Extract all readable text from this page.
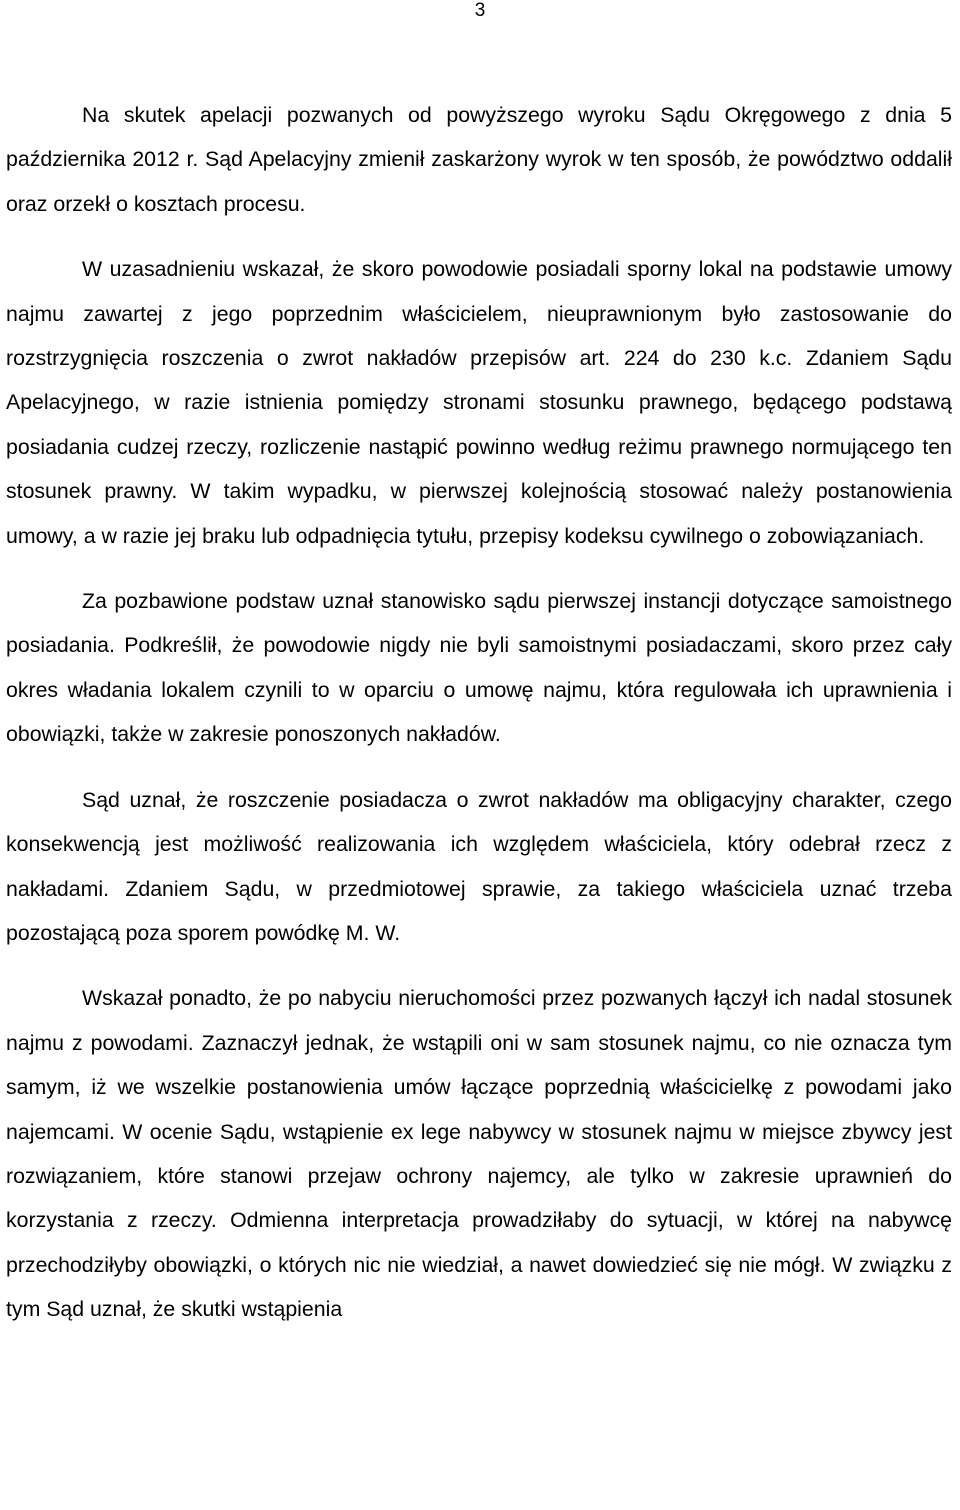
3

Na skutek apelacji pozwanych od powyższego wyroku Sądu Okręgowego z dnia 5 października 2012 r. Sąd Apelacyjny zmienił zaskarżony wyrok w ten sposób, że powództwo oddalił oraz orzekł o kosztach procesu.

W uzasadnieniu wskazał, że skoro powodowie posiadali sporny lokal na podstawie umowy najmu zawartej z jego poprzednim właścicielem, nieuprawnionym było zastosowanie do rozstrzygnięcia roszczenia o zwrot nakładów przepisów art. 224 do 230 k.c. Zdaniem Sądu Apelacyjnego, w razie istnienia pomiędzy stronami stosunku prawnego, będącego podstawą posiadania cudzej rzeczy, rozliczenie nastąpić powinno według reżimu prawnego normującego ten stosunek prawny. W takim wypadku, w pierwszej kolejnością stosować należy postanowienia umowy, a w razie jej braku lub odpadnięcia tytułu, przepisy kodeksu cywilnego o zobowiązaniach.

Za pozbawione podstaw uznał stanowisko sądu pierwszej instancji dotyczące samoistnego posiadania. Podkreślił, że powodowie nigdy nie byli samoistnymi posiadaczami, skoro przez cały okres władania lokalem czynili to w oparciu o umowę najmu, która regulowała ich uprawnienia i obowiązki, także w zakresie ponoszonych nakładów.

Sąd uznał, że roszczenie posiadacza o zwrot nakładów ma obligacyjny charakter, czego konsekwencją jest możliwość realizowania ich względem właściciela, który odebrał rzecz z nakładami. Zdaniem Sądu, w przedmiotowej sprawie, za takiego właściciela uznać trzeba pozostającą poza sporem powódkę M. W.

Wskazał ponadto, że po nabyciu nieruchomości przez pozwanych łączył ich nadal stosunek najmu z powodami. Zaznaczył jednak, że wstąpili oni w sam stosunek najmu, co nie oznacza tym samym, iż we wszelkie postanowienia umów łączące poprzednią właścicielkę z powodami jako najemcami. W ocenie Sądu, wstąpienie ex lege nabywcy w stosunek najmu w miejsce zbywcy jest rozwiązaniem, które stanowi przejaw ochrony najemcy, ale tylko w zakresie uprawnień do korzystania z rzeczy. Odmienna interpretacja prowadziłaby do sytuacji, w której na nabywcę przechodziłyby obowiązki, o których nic nie wiedział, a nawet dowiedzieć się nie mógł. W związku z tym Sąd uznał, że skutki wstąpienia
